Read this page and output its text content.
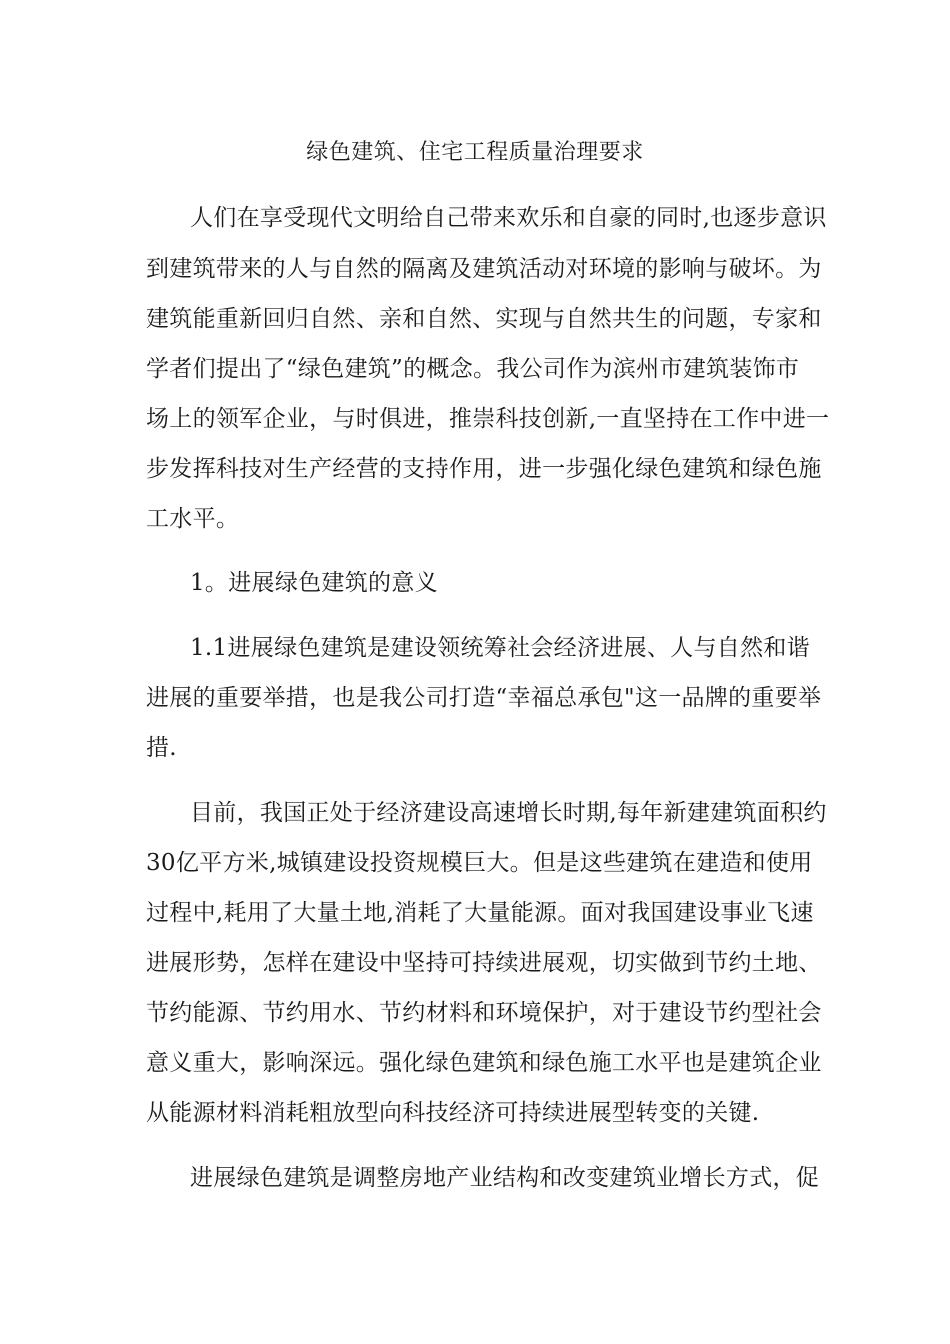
绿色建筑、住宅工程质量治理要求
人们在享受现代文明给自己带来欢乐和自豪的同时,也逐步意识
到建筑带来的人与自然的隔离及建筑活动对环境的影响与破坏。为
建筑能重新回归自然、亲和自然、实现与自然共生的问题，专家和
学者们提出了“绿色建筑”的概念。我公司作为滨州市建筑装饰市
场上的领军企业，与时俱进，推崇科技创新,一直坚持在工作中进一
步发挥科技对生产经营的支持作用，进一步强化绿色建筑和绿色施
工水平。
1。进展绿色建筑的意义
1.1进展绿色建筑是建设领统筹社会经济进展、人与自然和谐
进展的重要举措，也是我公司打造“幸福总承包"这一品牌的重要举
措.
目前，我国正处于经济建设高速增长时期,每年新建建筑面积约
30亿平方米,城镇建设投资规模巨大。但是这些建筑在建造和使用
过程中,耗用了大量土地,消耗了大量能源。面对我国建设事业飞速
进展形势，怎样在建设中坚持可持续进展观，切实做到节约土地、
节约能源、节约用水、节约材料和环境保护，对于建设节约型社会
意义重大，影响深远。强化绿色建筑和绿色施工水平也是建筑企业
从能源材料消耗粗放型向科技经济可持续进展型转变的关键.
进展绿色建筑是调整房地产业结构和改变建筑业增长方式，促
